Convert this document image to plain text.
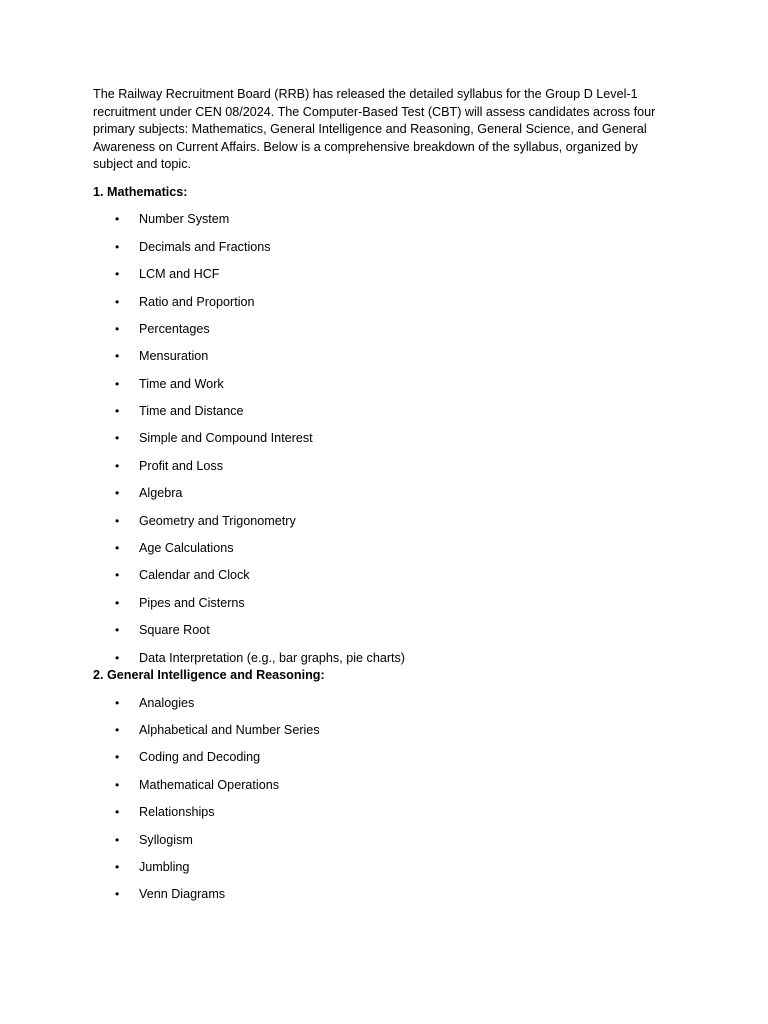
The Railway Recruitment Board (RRB) has released the detailed syllabus for the Group D Level-1 recruitment under CEN 08/2024. The Computer-Based Test (CBT) will assess candidates across four primary subjects: Mathematics, General Intelligence and Reasoning, General Science, and General Awareness on Current Affairs. Below is a comprehensive breakdown of the syllabus, organized by subject and topic.

1. Mathematics:

• Number System
• Decimals and Fractions
• LCM and HCF
• Ratio and Proportion
• Percentages
• Mensuration
• Time and Work
• Time and Distance
• Simple and Compound Interest
• Profit and Loss
• Algebra
• Geometry and Trigonometry
• Age Calculations
• Calendar and Clock
• Pipes and Cisterns
• Square Root
• Data Interpretation (e.g., bar graphs, pie charts)

2. General Intelligence and Reasoning:

• Analogies
• Alphabetical and Number Series
• Coding and Decoding
• Mathematical Operations
• Relationships
• Syllogism
• Jumbling
• Venn Diagrams
